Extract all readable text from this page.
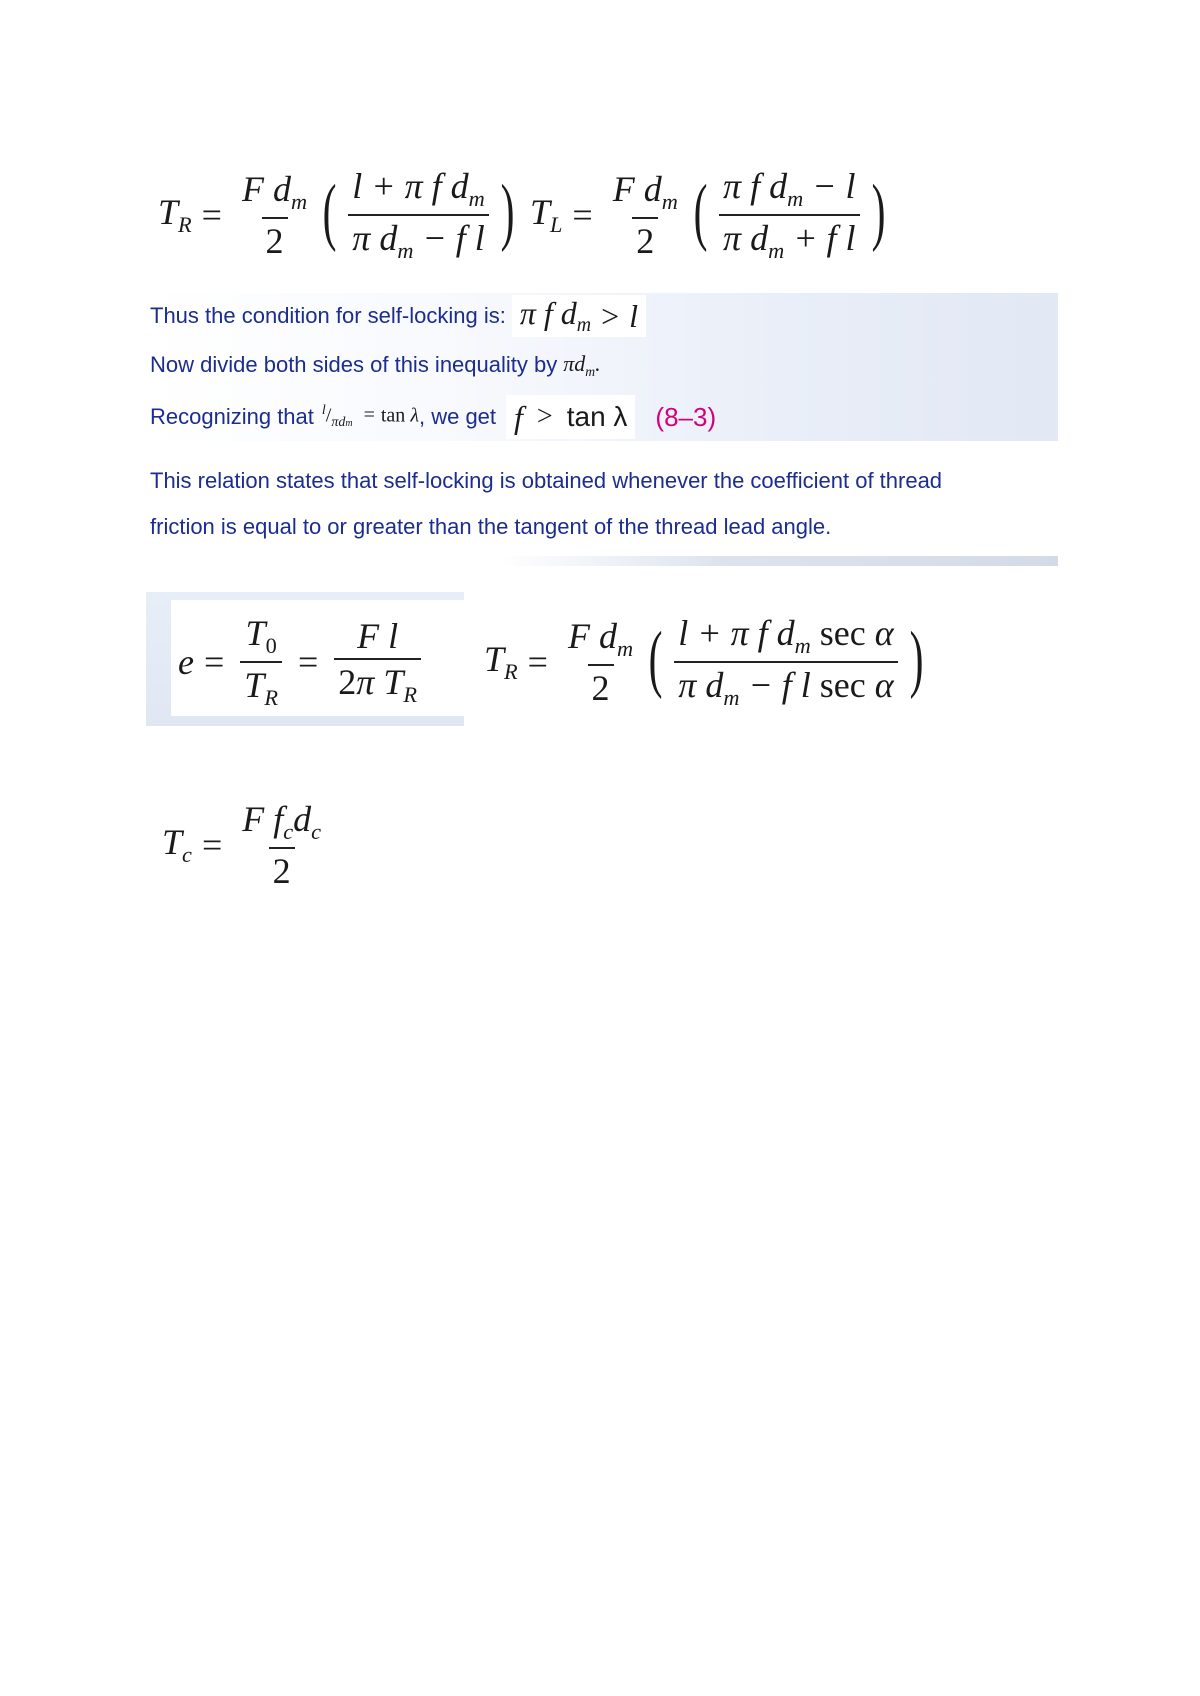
$T_R = \frac{F d_m}{2}$ ( $\frac{l + \pi f d_m}{\pi d_m - f l}$ ) $T_L = \frac{F d_m}{2}$ ( $\frac{\pi f d_m - l}{\pi d_m + f l}$ )
Thus the condition for self-locking is: π f $d_m > l$
Now divide both sides of this inequality by $\pi d_m$.
Recognizing that $^l/_{\pi dm} = \tan \lambda$ , we get f > tan λ (8–3)
This relation states that self-locking is obtained whenever the coefficient of thread
friction is equal to or greater than the tangent of the thread lead angle.
$e = \frac{T_0}{T_R} = \frac{\text{F l}}{2\pi T_R} T_R = \frac{F d_m}{2}$ ( $\frac{l + \pi f d_m \sec \alpha}{\pi d_m - f l \sec \alpha}$ )
$T_c = \frac{F f_cd_c}{2}$
